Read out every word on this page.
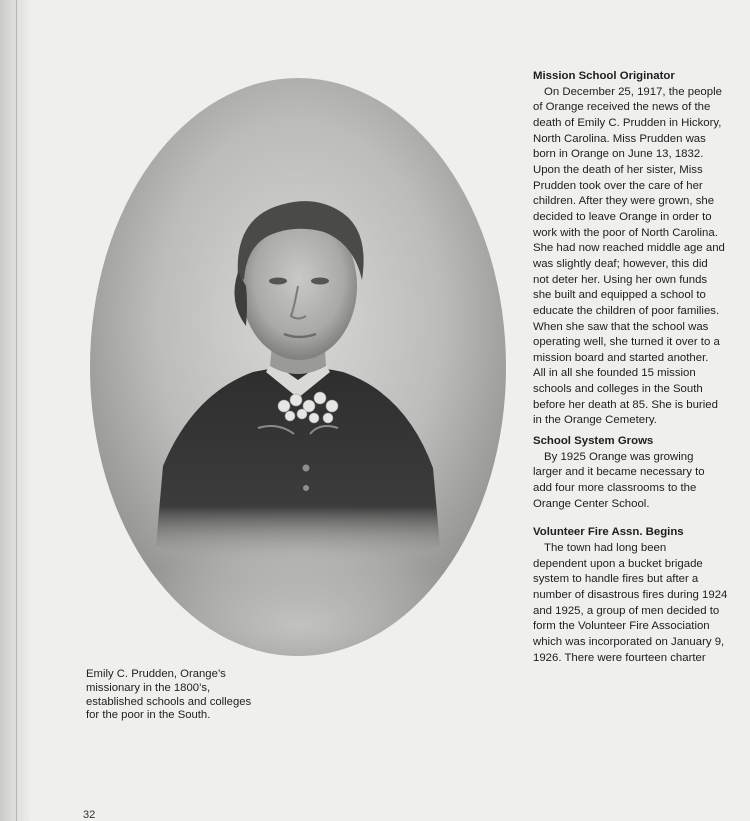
Emily C. Prudden, Orange’s
missionary in the 1800’s,
established schools and colleges
for the poor in the South.
Mission School Originator
On December 25, 1917, the people
of Orange received the news of the
death of Emily C. Prudden in Hickory,
North Carolina. Miss Prudden was
born in Orange on June 13, 1832.
Upon the death of her sister, Miss
Prudden took over the care of her
children. After they were grown, she
decided to leave Orange in order to
work with the poor of North Carolina.
She had now reached middle age and
was slightly deaf; however, this did
not deter her. Using her own funds
she built and equipped a school to
educate the children of poor families.
When she saw that the school was
operating well, she turned it over to a
mission board and started another.
All in all she founded 15 mission
schools and colleges in the South
before her death at 85. She is buried
in the Orange Cemetery.
School System Grows
By 1925 Orange was growing
larger and it became necessary to
add four more classrooms to the
Orange Center School.
Volunteer Fire Assn. Begins
The town had long been
dependent upon a bucket brigade
system to handle fires but after a
number of disastrous fires during 1924
and 1925, a group of men decided to
form the Volunteer Fire Association
which was incorporated on January 9,
1926. There were fourteen charter
32
